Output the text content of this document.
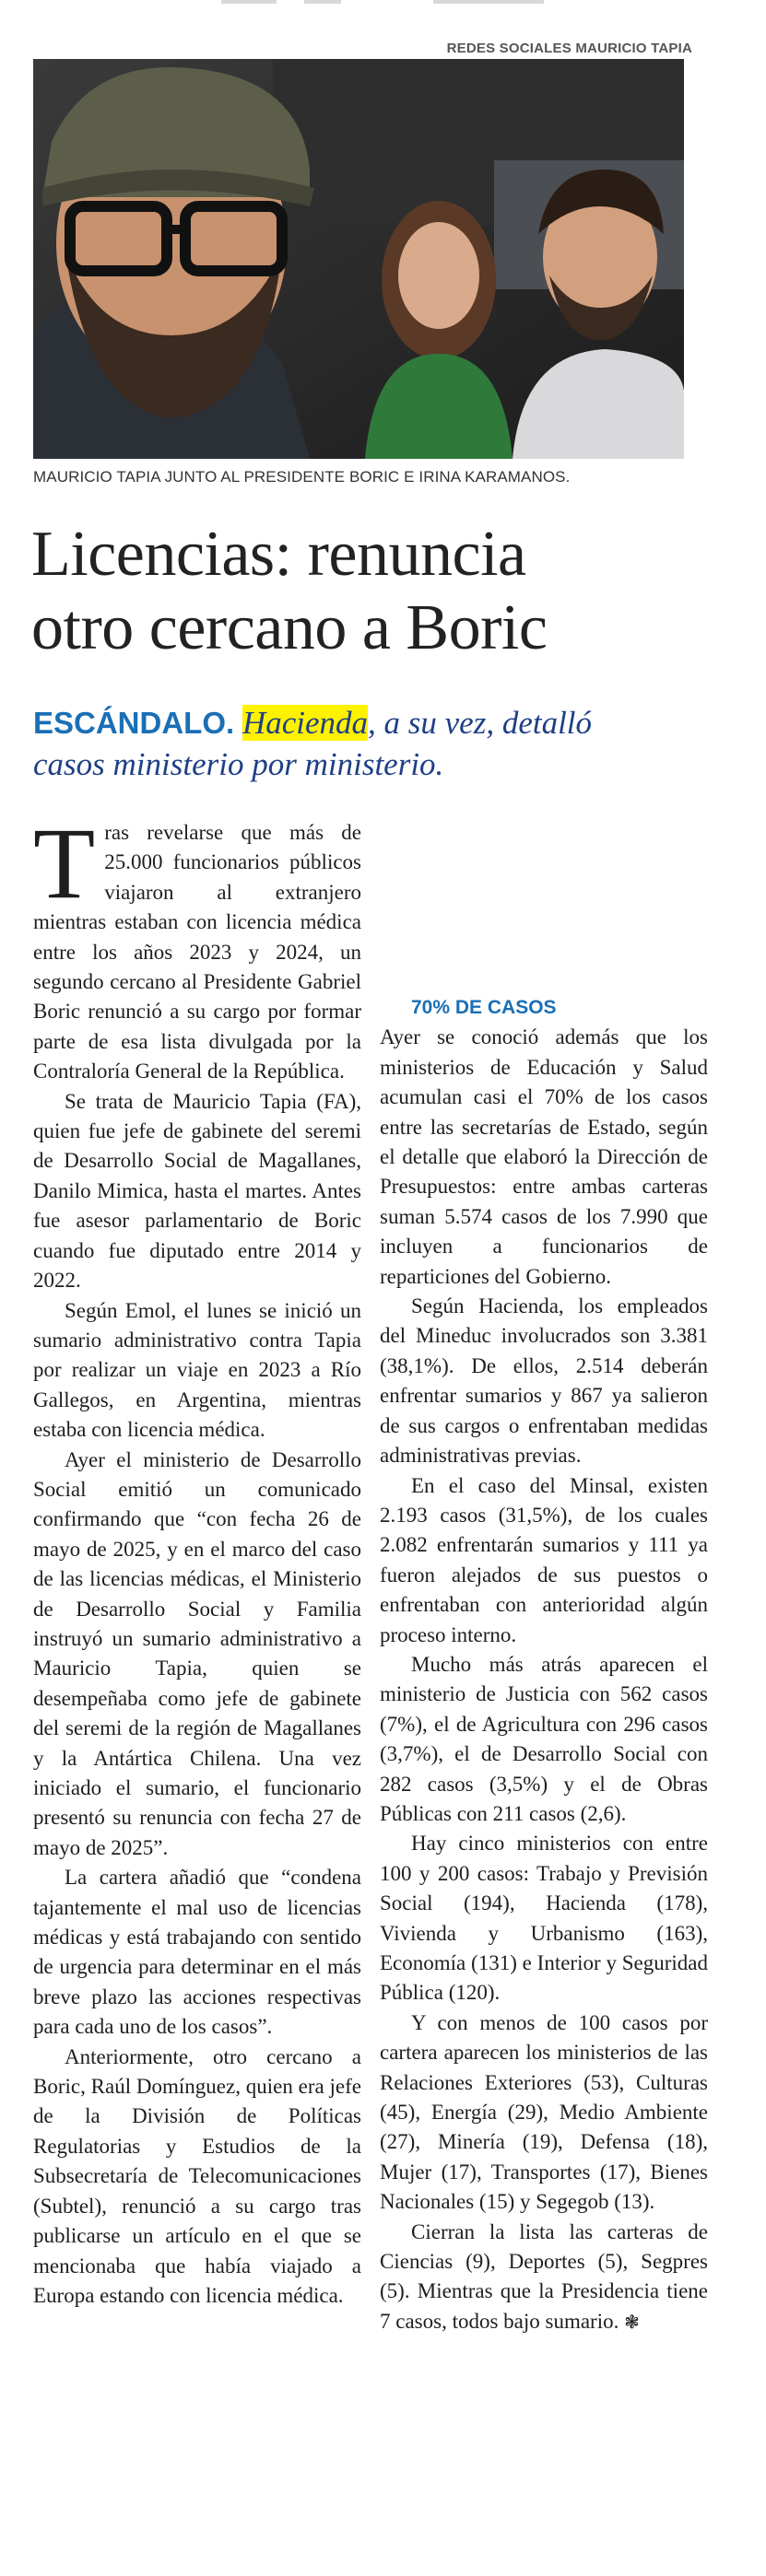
REDES SOCIALES MAURICIO TAPIA
MAURICIO TAPIA JUNTO AL PRESIDENTE BORIC E IRINA KARAMANOS.
Licencias: renuncia
otro cercano a Boric
ESCÁNDALO. Hacienda, a su vez, detalló
casos ministerio por ministerio.

Tras revelarse que más de 25.000 funcionarios públicos viajaron al extranjero mientras estaban con licencia médica entre los años 2023 y 2024, un segundo cercano al Presidente Gabriel Boric renunció a su cargo por formar parte de esa lista divulgada por la Contraloría General de la República.

Se trata de Mauricio Tapia (FA), quien fue jefe de gabinete del seremi de Desarrollo Social de Magallanes, Danilo Mimica, hasta el martes. Antes fue asesor parlamentario de Boric cuando fue diputado entre 2014 y 2022.

Según Emol, el lunes se inició un sumario administrativo contra Tapia por realizar un viaje en 2023 a Río Gallegos, en Argentina, mientras estaba con licencia médica.

Ayer el ministerio de Desarrollo Social emitió un comunicado confirmando que “con fecha 26 de mayo de 2025, y en el marco del caso de las licencias médicas, el Ministerio de Desarrollo Social y Familia instruyó un sumario administrativo a Mauricio Tapia, quien se desempeñaba como jefe de gabinete del seremi de la región de Magallanes y la Antártica Chilena. Una vez iniciado el sumario, el funcionario presentó su renuncia con fecha 27 de mayo de 2025”.

La cartera añadió que “condena tajantemente el mal uso de licencias médicas y está trabajando con sentido de urgencia para determinar en el más breve plazo las acciones respectivas para cada uno de los casos”.

Anteriormente, otro cercano a Boric, Raúl Domínguez, quien era jefe de la División de Políticas Regulatorias y Estudios de la Subsecretaría de Telecomunicaciones (Subtel), renunció a su cargo tras publicarse un artículo en el que se mencionaba que había viajado a Europa estando con licencia médica.

70% DE CASOS

Ayer se conoció además que los ministerios de Educación y Salud acumulan casi el 70% de los casos entre las secretarías de Estado, según el detalle que elaboró la Dirección de Presupuestos: entre ambas carteras suman 5.574 casos de los 7.990 que incluyen a funcionarios de reparticiones del Gobierno.

Según Hacienda, los empleados del Mineduc involucrados son 3.381 (38,1%). De ellos, 2.514 deberán enfrentar sumarios y 867 ya salieron de sus cargos o enfrentaban medidas administrativas previas.

En el caso del Minsal, existen 2.193 casos (31,5%), de los cuales 2.082 enfrentarán sumarios y 111 ya fueron alejados de sus puestos o enfrentaban con anterioridad algún proceso interno.

Mucho más atrás aparecen el ministerio de Justicia con 562 casos (7%), el de Agricultura con 296 casos (3,7%), el de Desarrollo Social con 282 casos (3,5%) y el de Obras Públicas con 211 casos (2,6).

Hay cinco ministerios con entre 100 y 200 casos: Trabajo y Previsión Social (194), Hacienda (178), Vivienda y Urbanismo (163), Economía (131) e Interior y Seguridad Pública (120).

Y con menos de 100 casos por cartera aparecen los ministerios de las Relaciones Exteriores (53), Culturas (45), Energía (29), Medio Ambiente (27), Minería (19), Defensa (18), Mujer (17), Transportes (17), Bienes Nacionales (15) y Segegob (13).

Cierran la lista las carteras de Ciencias (9), Deportes (5), Segpres (5). Mientras que la Presidencia tiene 7 casos, todos bajo sumario. ❃
